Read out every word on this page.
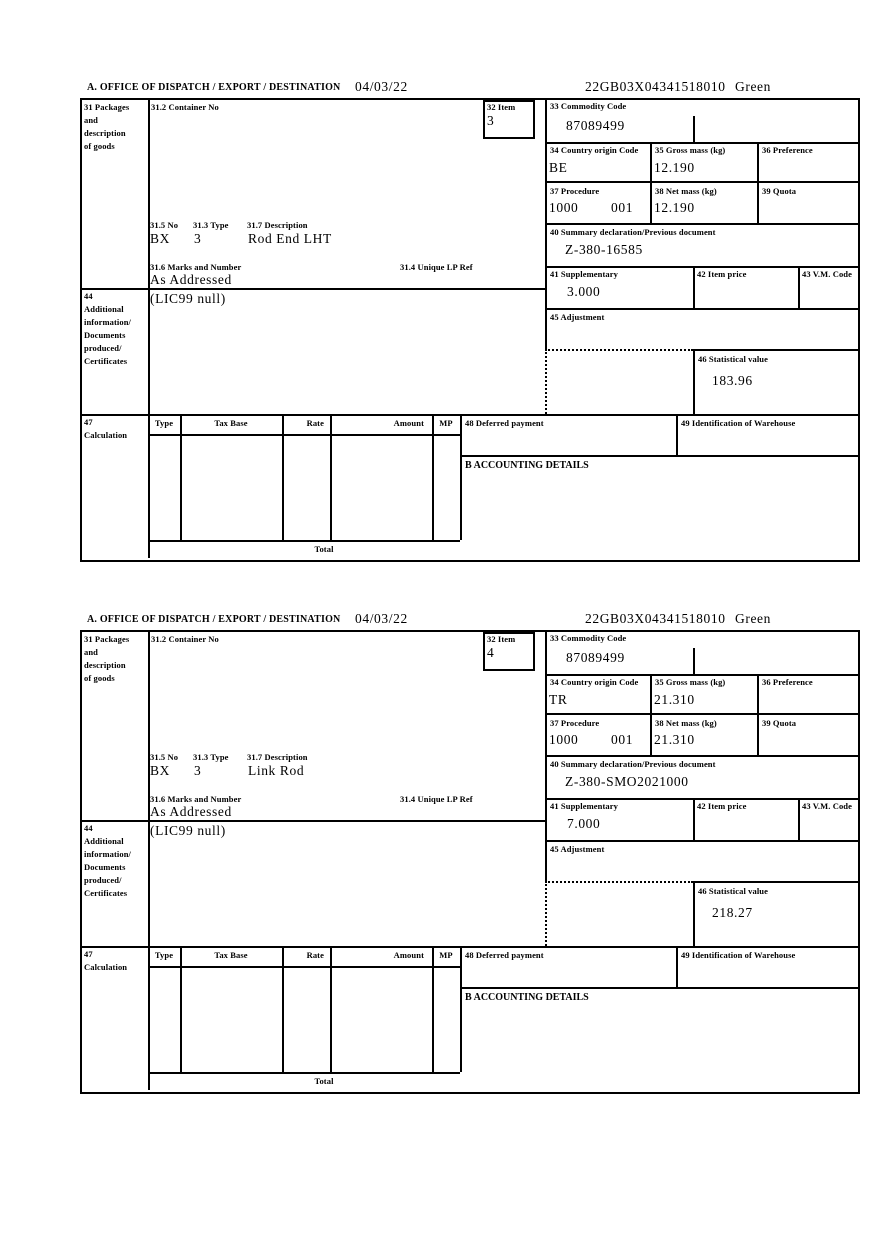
A. OFFICE OF DISPATCH / EXPORT / DESTINATION 04/03/22	22GB03X04341518010 Green
32 Item
3
31 Packages
and
description
of goods
44
Additional
information/
Documents
produced/
Certificates
47
Calculation
31.2 Container No
31.5 No 31.3 Type 31.7 Description
BX 3	Rod End LHT
31.6 Marks and Number	31.4 Unique LP Ref
As Addressed
(LIC99 null)
33 Commodity Code
87089499
34 Country origin Code
BE
35 Gross mass (kg)
12.190
36 Preference
37 Procedure
1000 001
38 Net mass (kg)
12.190
39 Quota
40 Summary declaration/Previous document
Z-380-16585
41 Supplementary
3.000
42 Item price	43 V.M. Code
45 Adjustment
46 Statistical value
183.96
Type	Tax Base	Rate	Amount	MP
Total
48 Deferred payment	49 Identification of Warehouse
B ACCOUNTING DETAILS
A. OFFICE OF DISPATCH / EXPORT / DESTINATION 04/03/22	22GB03X04341518010 Green
32 Item
4
31 Packages
and
description
of goods
44
Additional
information/
Documents
produced/
Certificates
47
Calculation
31.2 Container No
31.5 No 31.3 Type 31.7 Description
BX 3	Link Rod
31.6 Marks and Number	31.4 Unique LP Ref
As Addressed
(LIC99 null)
33 Commodity Code
87089499
34 Country origin Code
TR
35 Gross mass (kg)
21.310
36 Preference
37 Procedure
1000 001
38 Net mass (kg)
21.310
39 Quota
40 Summary declaration/Previous document
Z-380-SMO2021000
41 Supplementary
7.000
42 Item price	43 V.M. Code
45 Adjustment
46 Statistical value
218.27
Type	Tax Base	Rate	Amount	MP
Total
48 Deferred payment	49 Identification of Warehouse
B ACCOUNTING DETAILS
